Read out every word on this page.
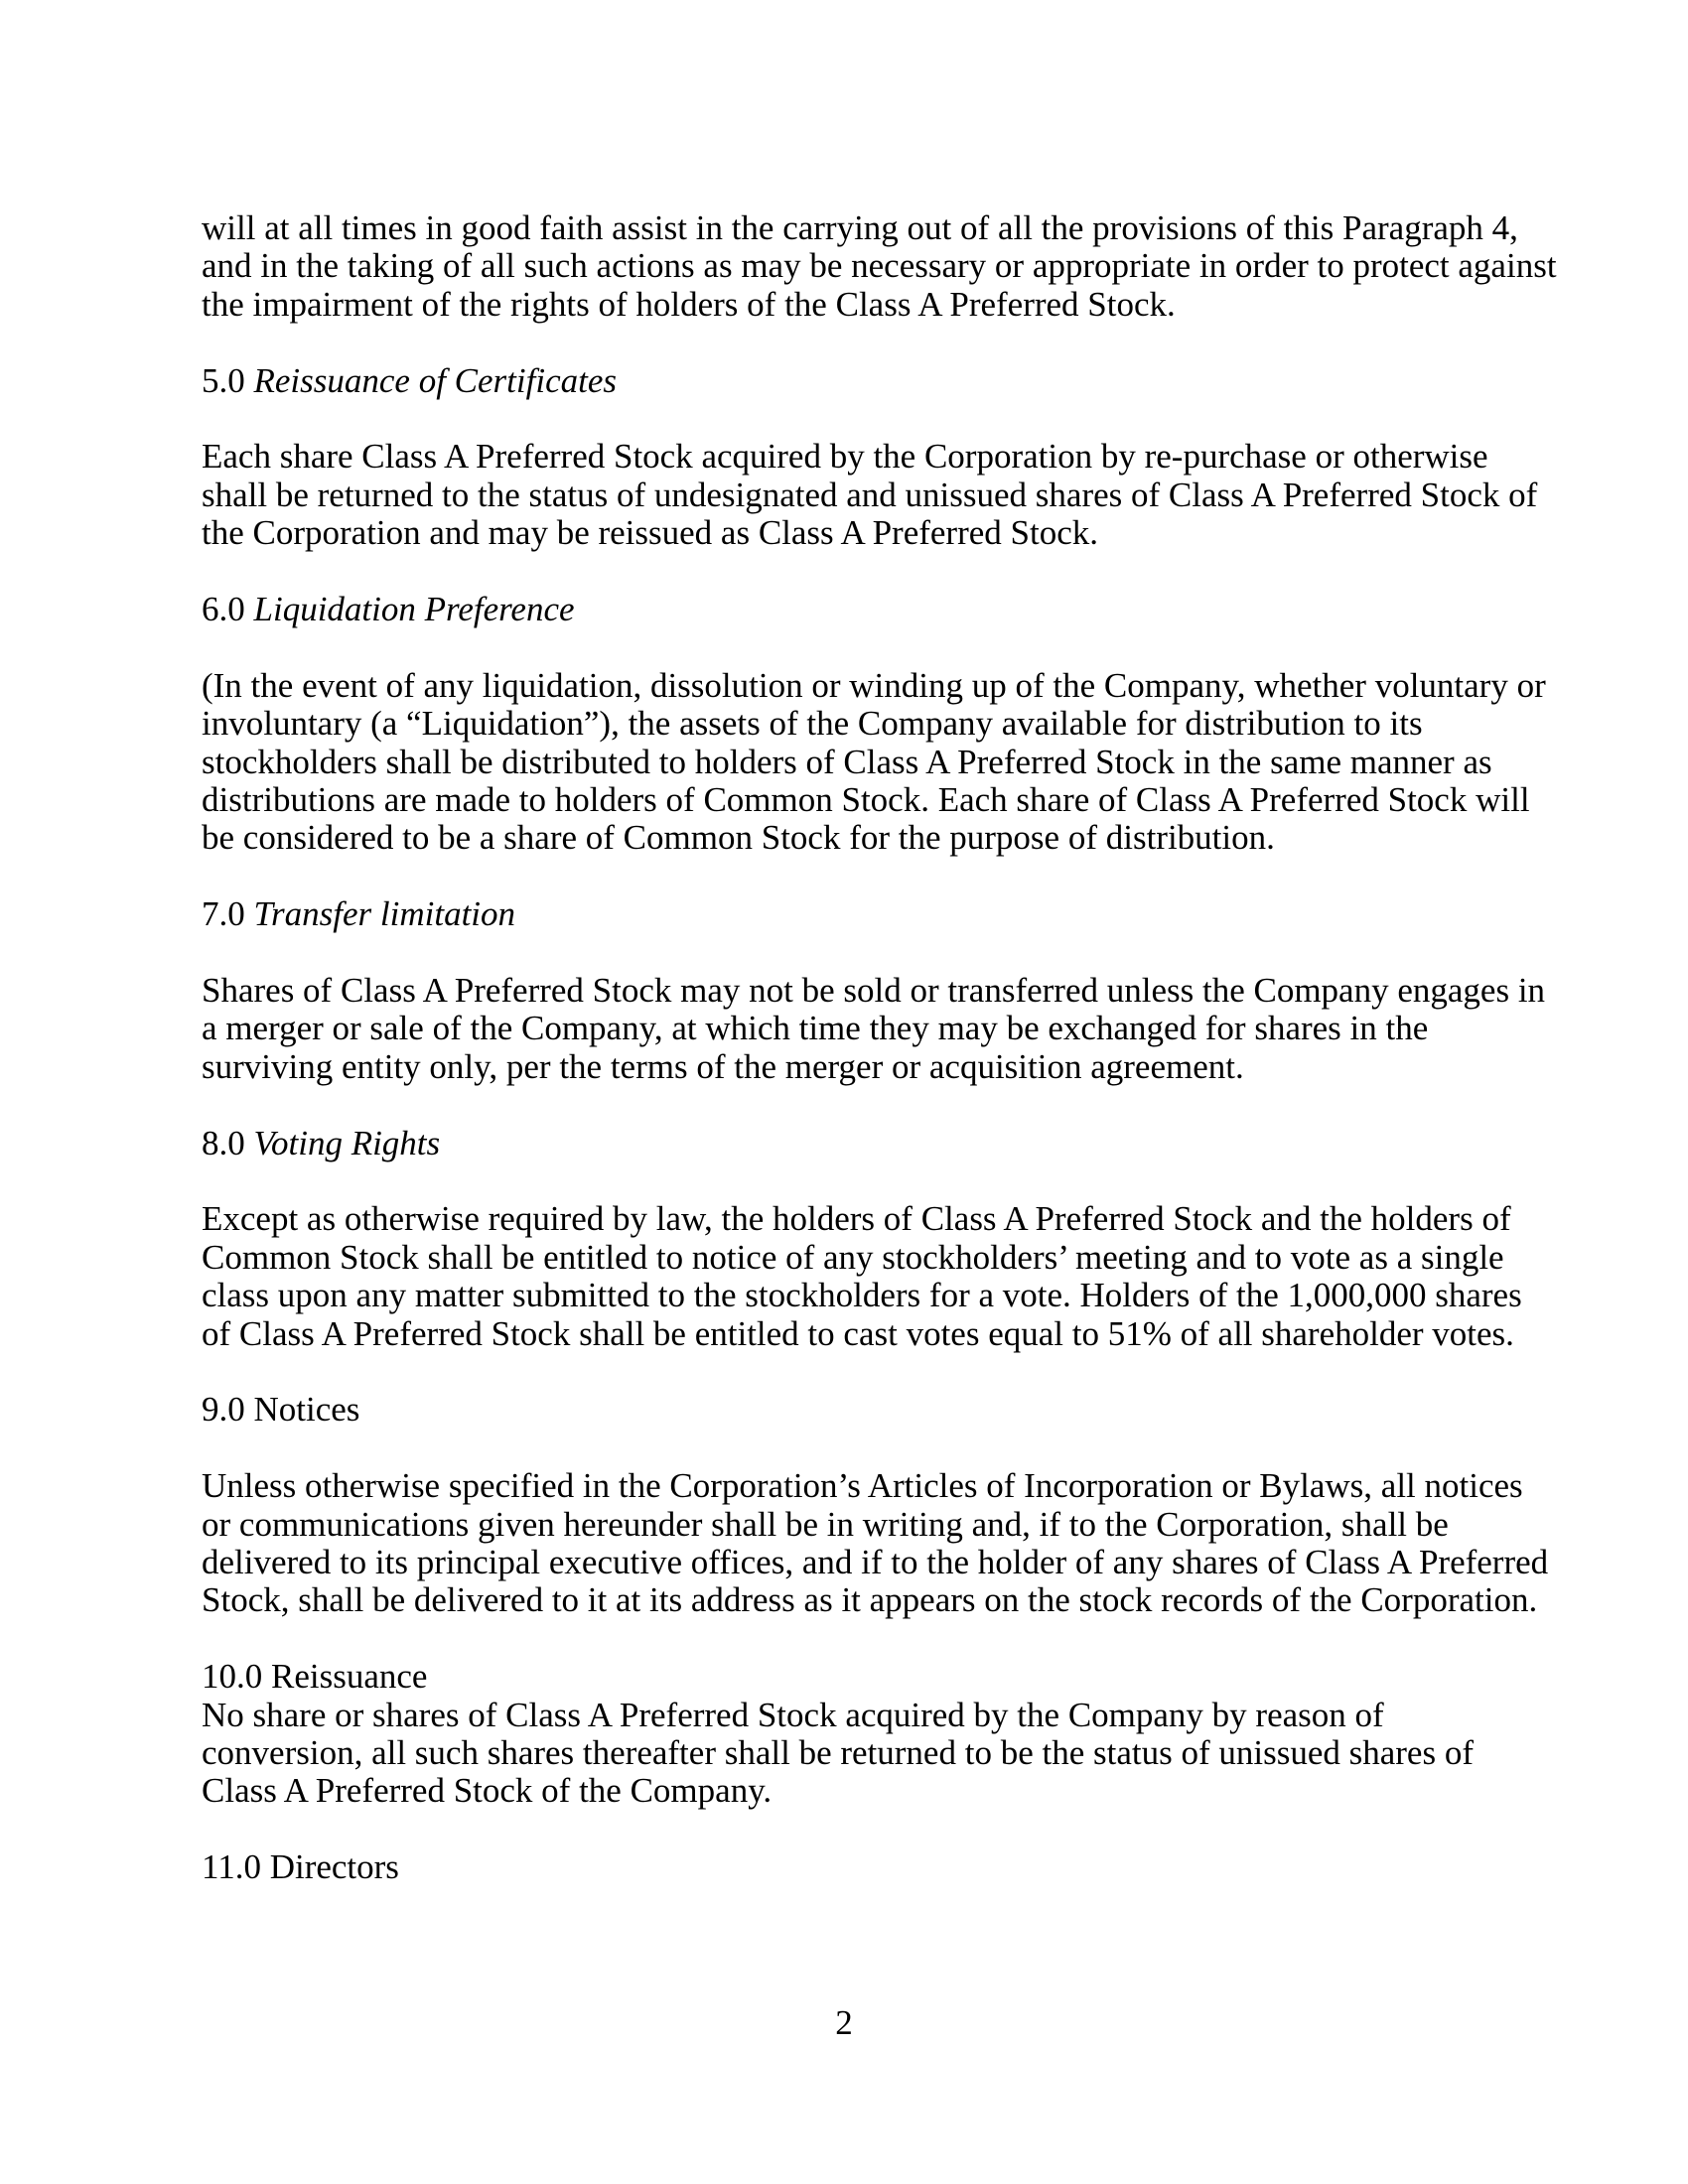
will at all times in good faith assist in the carrying out of all the provisions of this Paragraph 4,
and in the taking of all such actions as may be necessary or appropriate in order to protect against
the impairment of the rights of holders of the Class A Preferred Stock.
5.0 Reissuance of Certificates
Each share Class A Preferred Stock acquired by the Corporation by re-purchase or otherwise
shall be returned to the status of undesignated and unissued shares of Class A Preferred Stock of
the Corporation and may be reissued as Class A Preferred Stock.
6.0 Liquidation Preference
(In the event of any liquidation, dissolution or winding up of the Company, whether voluntary or
involuntary (a “Liquidation”), the assets of the Company available for distribution to its
stockholders shall be distributed to holders of Class A Preferred Stock in the same manner as
distributions are made to holders of Common Stock. Each share of Class A Preferred Stock will
be considered to be a share of Common Stock for the purpose of distribution.
7.0 Transfer limitation
Shares of Class A Preferred Stock may not be sold or transferred unless the Company engages in
a merger or sale of the Company, at which time they may be exchanged for shares in the
surviving entity only, per the terms of the merger or acquisition agreement.
8.0 Voting Rights
Except as otherwise required by law, the holders of Class A Preferred Stock and the holders of
Common Stock shall be entitled to notice of any stockholders’ meeting and to vote as a single
class upon any matter submitted to the stockholders for a vote. Holders of the 1,000,000 shares
of Class A Preferred Stock shall be entitled to cast votes equal to 51% of all shareholder votes.
9.0 Notices
Unless otherwise specified in the Corporation’s Articles of Incorporation or Bylaws, all notices
or communications given hereunder shall be in writing and, if to the Corporation, shall be
delivered to its principal executive offices, and if to the holder of any shares of Class A Preferred
Stock, shall be delivered to it at its address as it appears on the stock records of the Corporation.
10.0 Reissuance
No share or shares of Class A Preferred Stock acquired by the Company by reason of
conversion, all such shares thereafter shall be returned to be the status of unissued shares of
Class A Preferred Stock of the Company.
11.0 Directors
2
